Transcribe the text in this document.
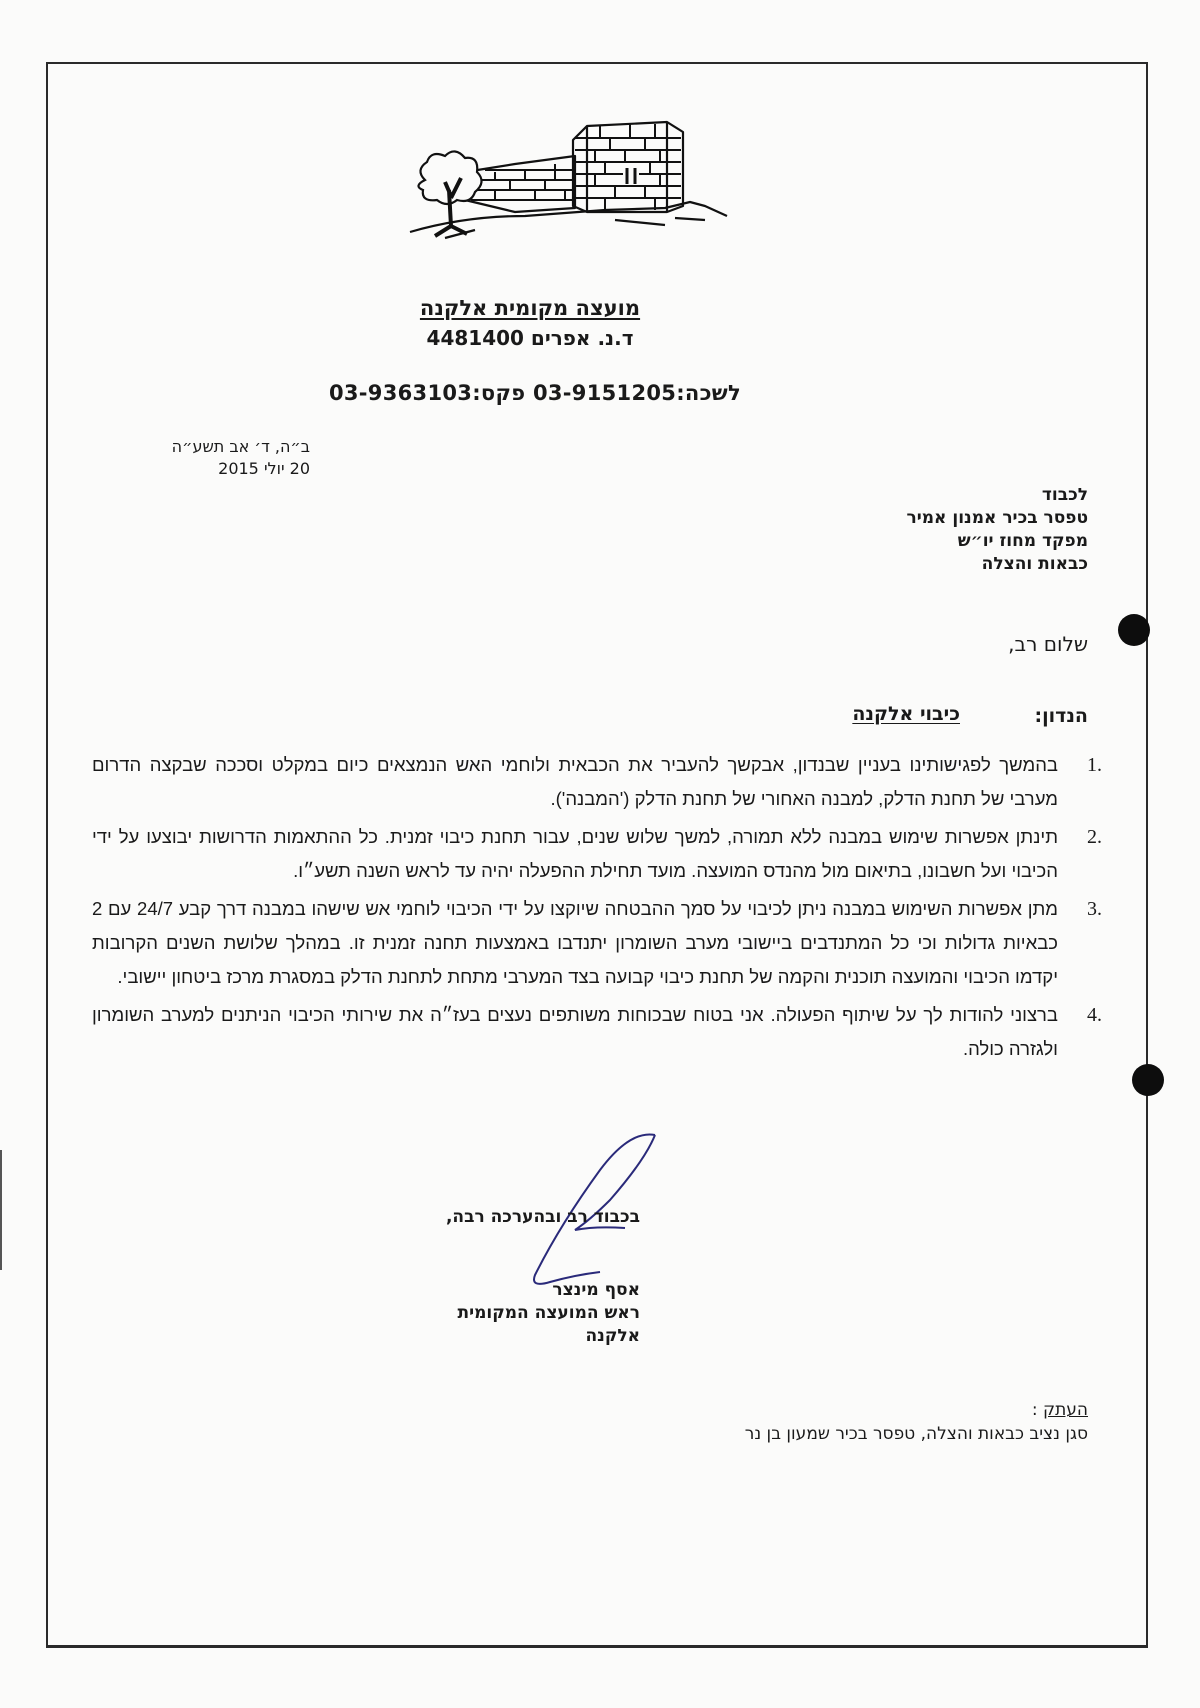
מועצה מקומית אלקנה
ד.נ. אפרים 4481400
לשכה:03-9151205 פקס:03-9363103
ב״ה, ד׳ אב תשע״ה
20 יולי 2015
לכבוד
טפסר בכיר אמנון אמיר
מפקד מחוז יו״ש
כבאות והצלה
שלום רב,
הנדון:
כיבוי אלקנה
1.
בהמשך לפגישותינו בעניין שבנדון, אבקשך להעביר את הכבאית ולוחמי האש הנמצאים כיום במקלט וסככה שבקצה הדרום מערבי של תחנת הדלק, למבנה האחורי של תחנת הדלק ('המבנה').
2.
תינתן אפשרות שימוש במבנה ללא תמורה, למשך שלוש שנים, עבור תחנת כיבוי זמנית. כל ההתאמות הדרושות יבוצעו על ידי הכיבוי ועל חשבונו, בתיאום מול מהנדס המועצה. מועד תחילת ההפעלה יהיה עד לראש השנה תשע״ו.
3.
מתן אפשרות השימוש במבנה ניתן לכיבוי על סמך ההבטחה שיוקצו על ידי הכיבוי לוחמי אש שישהו במבנה דרך קבע 24/7 עם 2 כבאיות גדולות וכי כל המתנדבים ביישובי מערב השומרון יתנדבו באמצעות תחנה זמנית זו. במהלך שלושת השנים הקרובות יקדמו הכיבוי והמועצה תוכנית והקמה של תחנת כיבוי קבועה בצד המערבי מתחת לתחנת הדלק במסגרת מרכז ביטחון יישובי.
4.
ברצוני להודות לך על שיתוף הפעולה. אני בטוח שבכוחות משותפים נעצים בעז״ה את שירותי הכיבוי הניתנים למערב השומרון ולגזרה כולה.
בכבוד רב ובהערכה רבה,
אסף מינצר
ראש המועצה המקומית
אלקנה
העתק :
סגן נציב כבאות והצלה, טפסר בכיר שמעון בן נר
